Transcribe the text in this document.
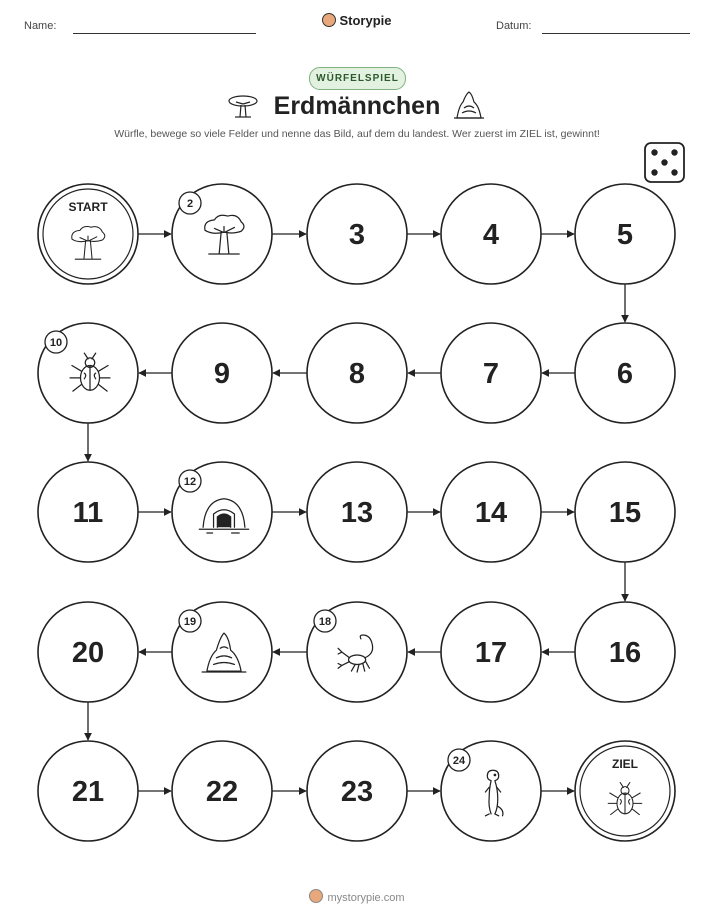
Name:	Storypie	Datum:
WÜRFELSPIEL
Erdmännchen
Würfle, bewege so viele Felder und nenne das Bild, auf dem du landest. Wer zuerst im ZIEL ist, gewinnt!
START	2
3	4	5
6
7
8
9
10
11
12
13	14	15
16
17
18
19
20
21	22	23
24	ZIEL
mystorypie.com
